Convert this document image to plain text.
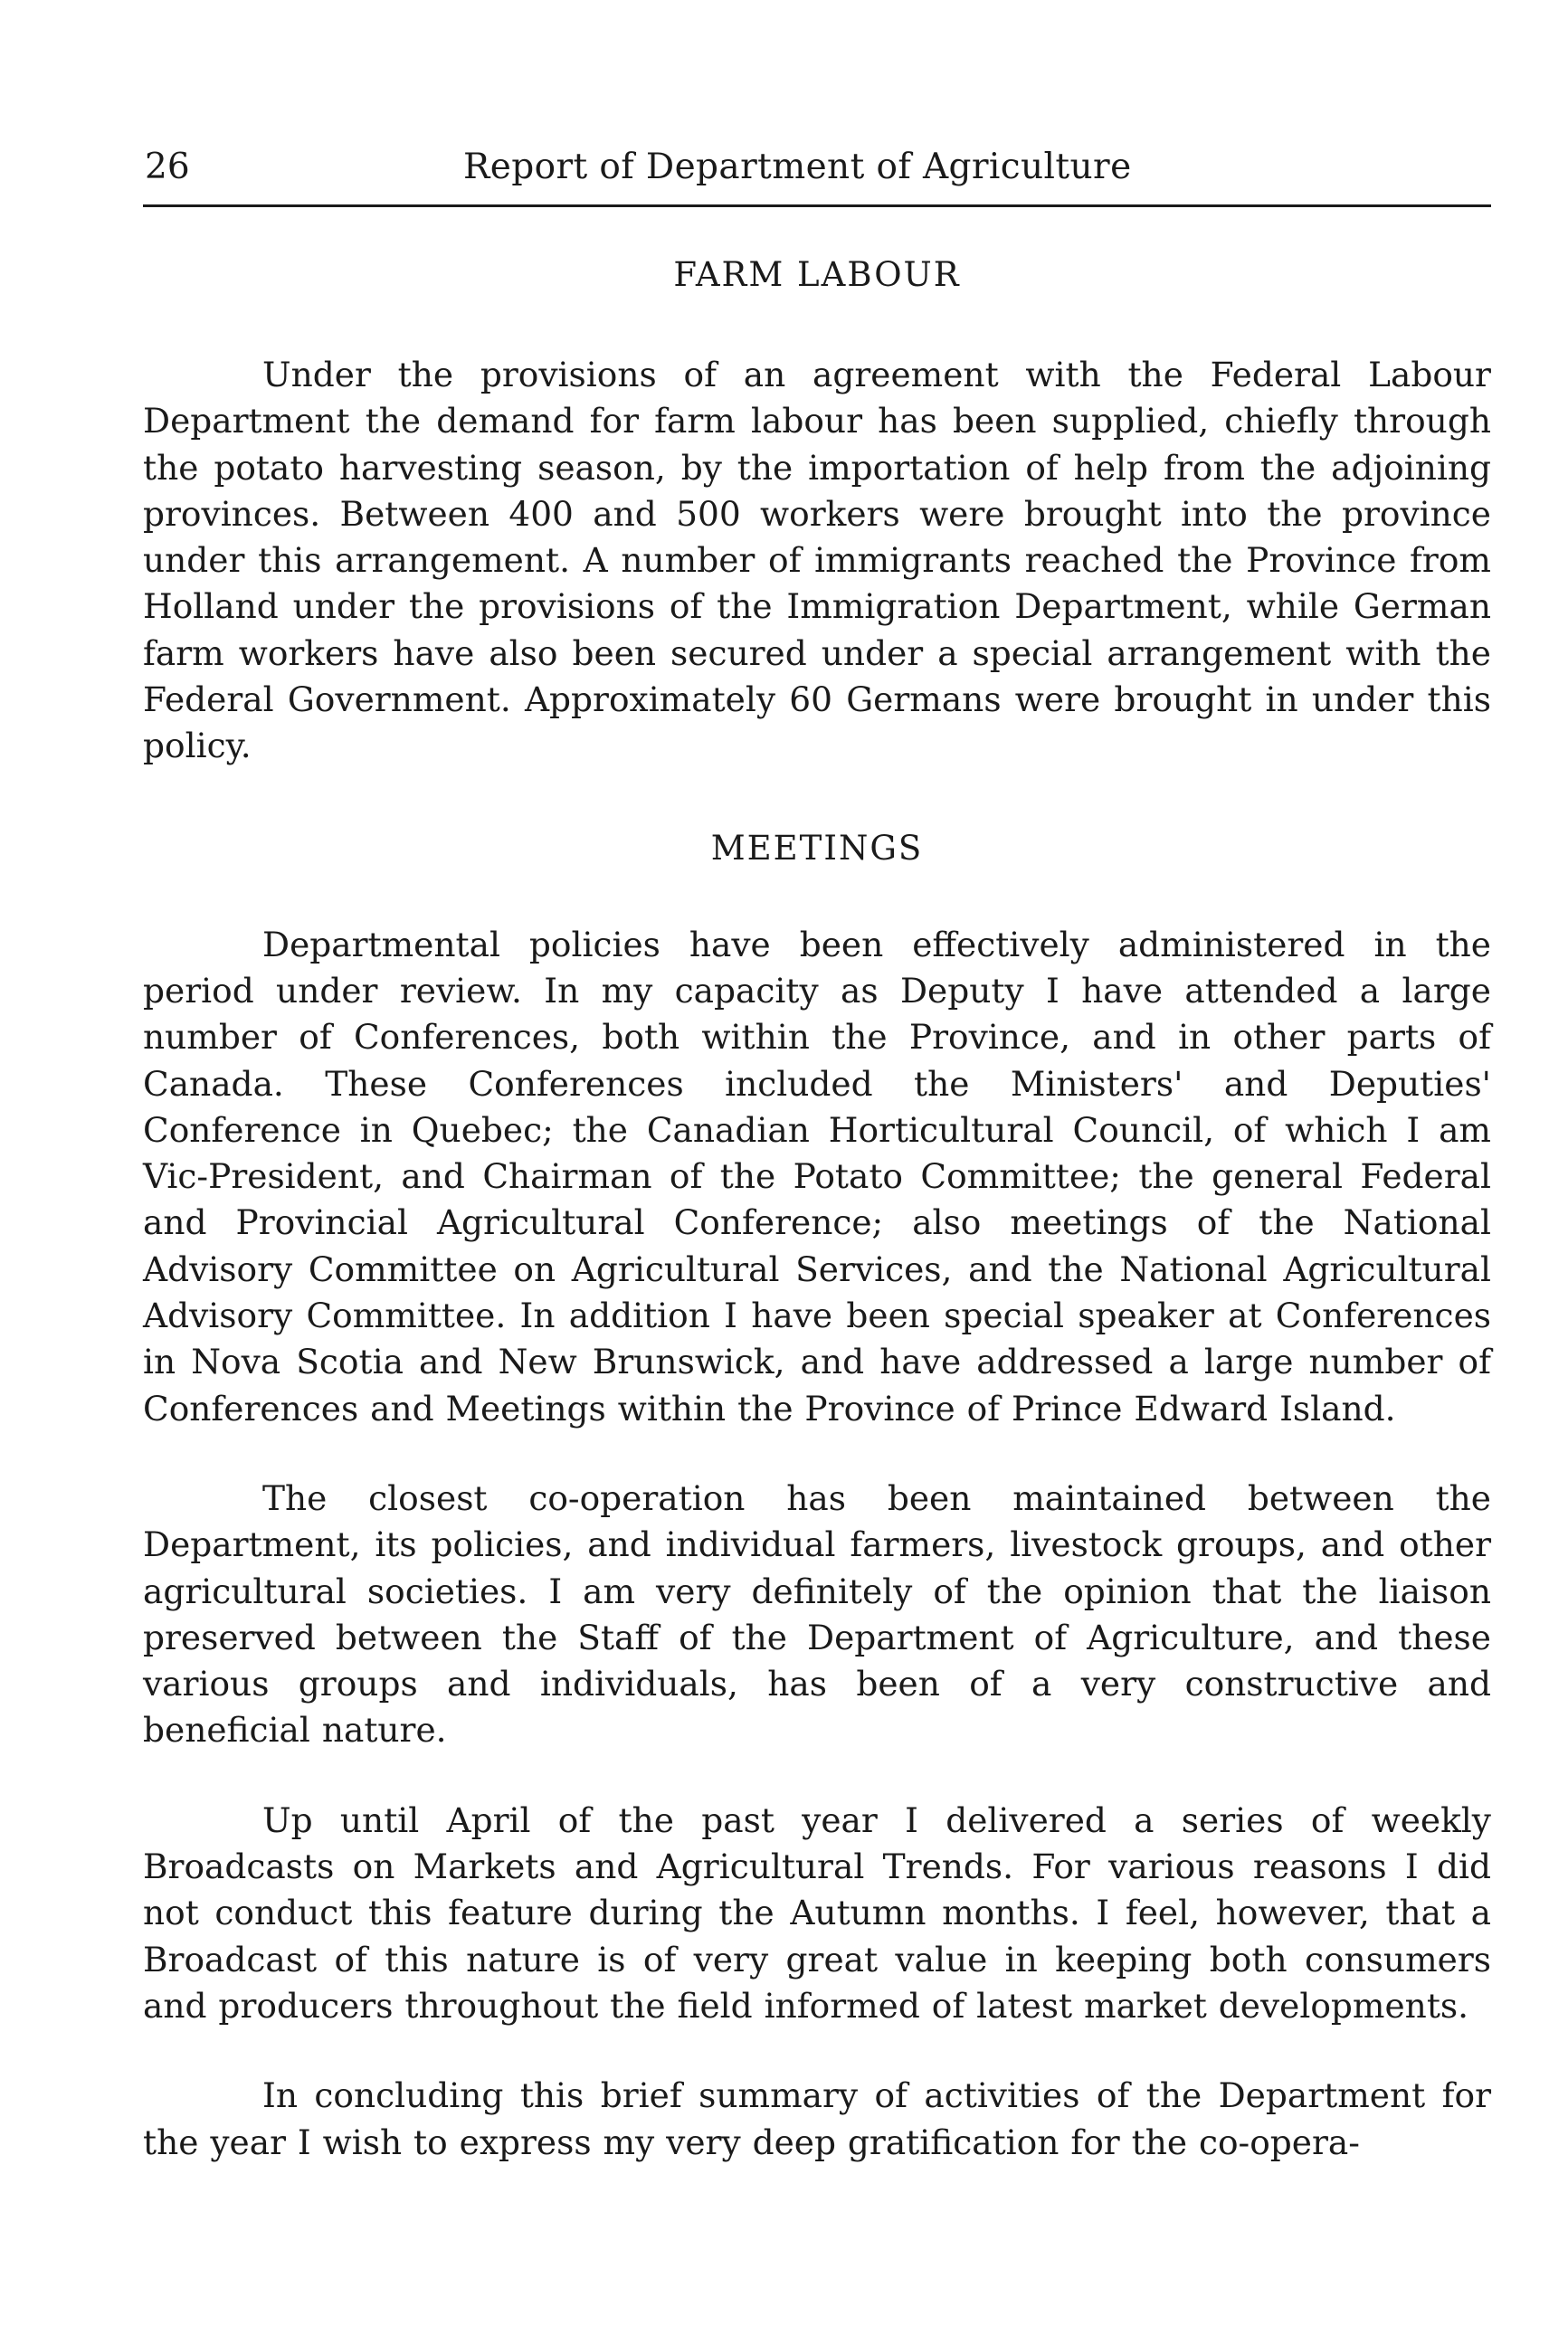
26	Report of Department of Agriculture
FARM LABOUR

Under the provisions of an agreement with the Federal Labour Department the demand for farm labour has been supplied, chiefly through the potato harvesting season, by the importation of help from the adjoining provinces. Between 400 and 500 workers were brought into the province under this arrangement. A number of immigrants reached the Province from Holland under the provisions of the Immigration Department, while German farm workers have also been secured under a special arrangement with the Federal Government. Approximately 60 Germans were brought in under this policy.

MEETINGS

Departmental policies have been effectively administered in the period under review. In my capacity as Deputy I have attended a large number of Conferences, both within the Province, and in other parts of Canada. These Conferences included the Ministers' and Deputies' Conference in Quebec; the Canadian Horticultural Council, of which I am Vic-President, and Chairman of the Potato Committee; the general Federal and Provincial Agricultural Conference; also meetings of the National Advisory Committee on Agricultural Services, and the National Agricultural Advisory Committee. In addition I have been special speaker at Conferences in Nova Scotia and New Brunswick, and have addressed a large number of Conferences and Meetings within the Province of Prince Edward Island.

The closest co-operation has been maintained between the Department, its policies, and individual farmers, livestock groups, and other agricultural societies. I am very definitely of the opinion that the liaison preserved between the Staff of the Department of Agriculture, and these various groups and individuals, has been of a very constructive and beneficial nature.

Up until April of the past year I delivered a series of weekly Broadcasts on Markets and Agricultural Trends. For various reasons I did not conduct this feature during the Autumn months. I feel, however, that a Broadcast of this nature is of very great value in keeping both consumers and producers throughout the field informed of latest market developments.

In concluding this brief summary of activities of the Department for the year I wish to express my very deep gratification for the co-opera-
